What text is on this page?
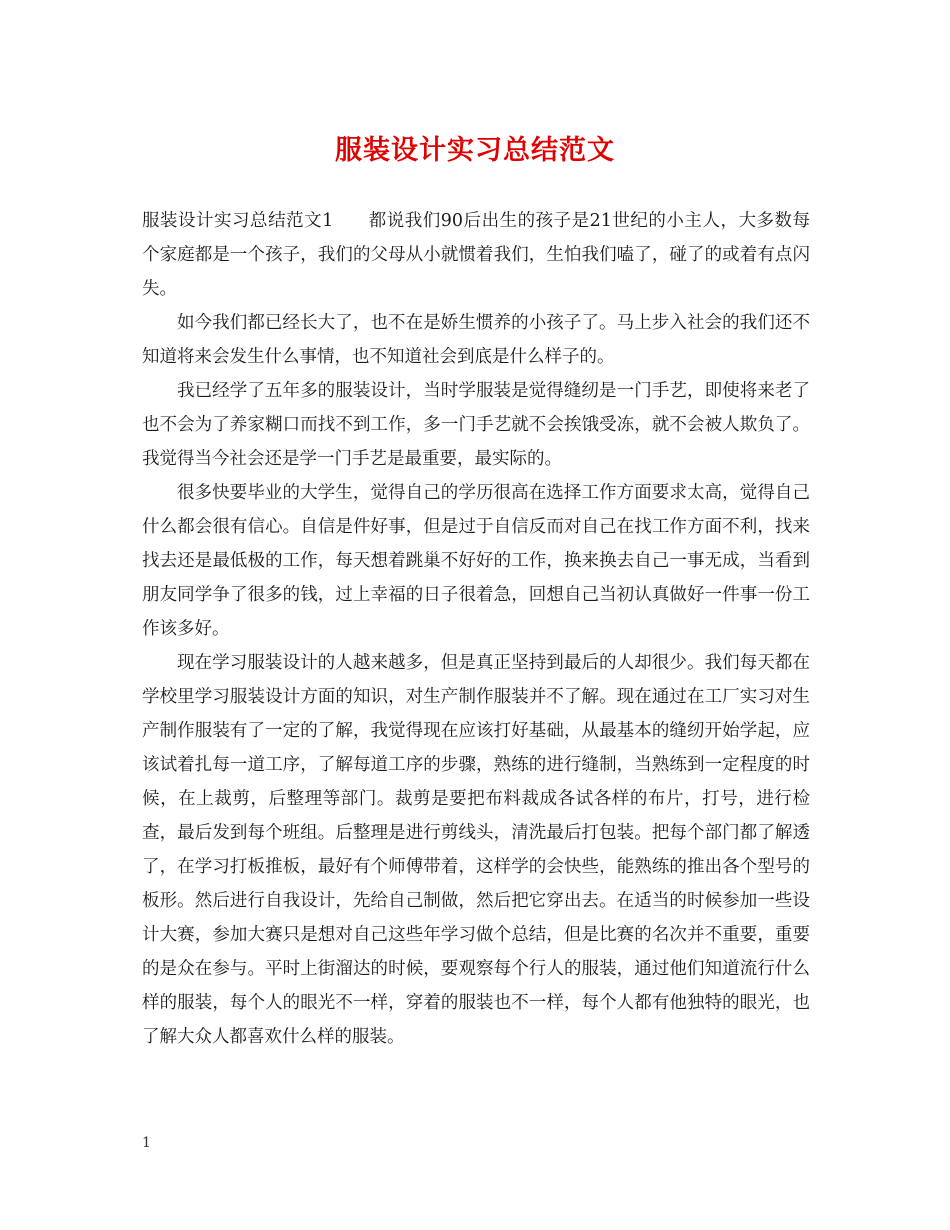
服装设计实习总结范文

服装设计实习总结范文1 都说我们90后出生的孩子是21世纪的小主人，大多数每个家庭都是一个孩子，我们的父母从小就惯着我们，生怕我们嗑了，碰了的或着有点闪失。

如今我们都已经长大了，也不在是娇生惯养的小孩子了。马上步入社会的我们还不知道将来会发生什么事情，也不知道社会到底是什么样子的。

我已经学了五年多的服装设计，当时学服装是觉得缝纫是一门手艺，即使将来老了也不会为了养家糊口而找不到工作，多一门手艺就不会挨饿受冻，就不会被人欺负了。我觉得当今社会还是学一门手艺是最重要，最实际的。

很多快要毕业的大学生，觉得自己的学历很高在选择工作方面要求太高，觉得自己什么都会很有信心。自信是件好事，但是过于自信反而对自己在找工作方面不利，找来找去还是最低极的工作，每天想着跳巢不好好的工作，换来换去自己一事无成，当看到朋友同学争了很多的钱，过上幸福的日子很着急，回想自己当初认真做好一件事一份工作该多好。

现在学习服装设计的人越来越多，但是真正坚持到最后的人却很少。我们每天都在学校里学习服装设计方面的知识，对生产制作服装并不了解。现在通过在工厂实习对生产制作服装有了一定的了解，我觉得现在应该打好基础，从最基本的缝纫开始学起，应该试着扎每一道工序，了解每道工序的步骤，熟练的进行缝制，当熟练到一定程度的时候，在上裁剪，后整理等部门。裁剪是要把布料裁成各试各样的布片，打号，进行检查，最后发到每个班组。后整理是进行剪线头，清洗最后打包装。把每个部门都了解透了，在学习打板推板，最好有个师傅带着，这样学的会快些，能熟练的推出各个型号的板形。然后进行自我设计，先给自己制做，然后把它穿出去。在适当的时候参加一些设计大赛，参加大赛只是想对自己这些年学习做个总结，但是比赛的名次并不重要，重要的是众在参与。平时上街溜达的时候，要观察每个行人的服装，通过他们知道流行什么样的服装，每个人的眼光不一样，穿着的服装也不一样，每个人都有他独特的眼光，也了解大众人都喜欢什么样的服装。

1
